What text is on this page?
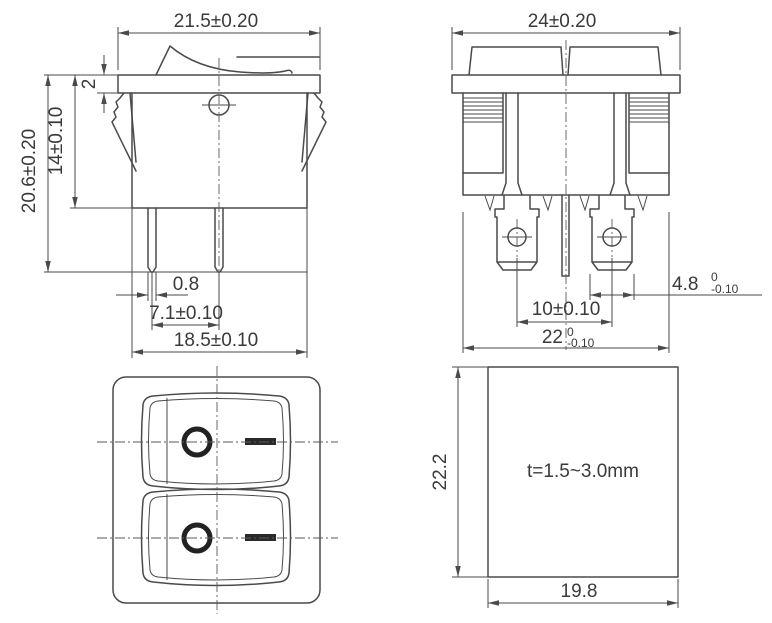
21.5±0.20
2
14±0.10
20.6±0.20
0.8
7.1±0.10
18.5±0.10
24±0.20
4.8 0
-0.10
10±0.10
22 0
-0.10
t=1.5~3.0mm
22.2
19.8
